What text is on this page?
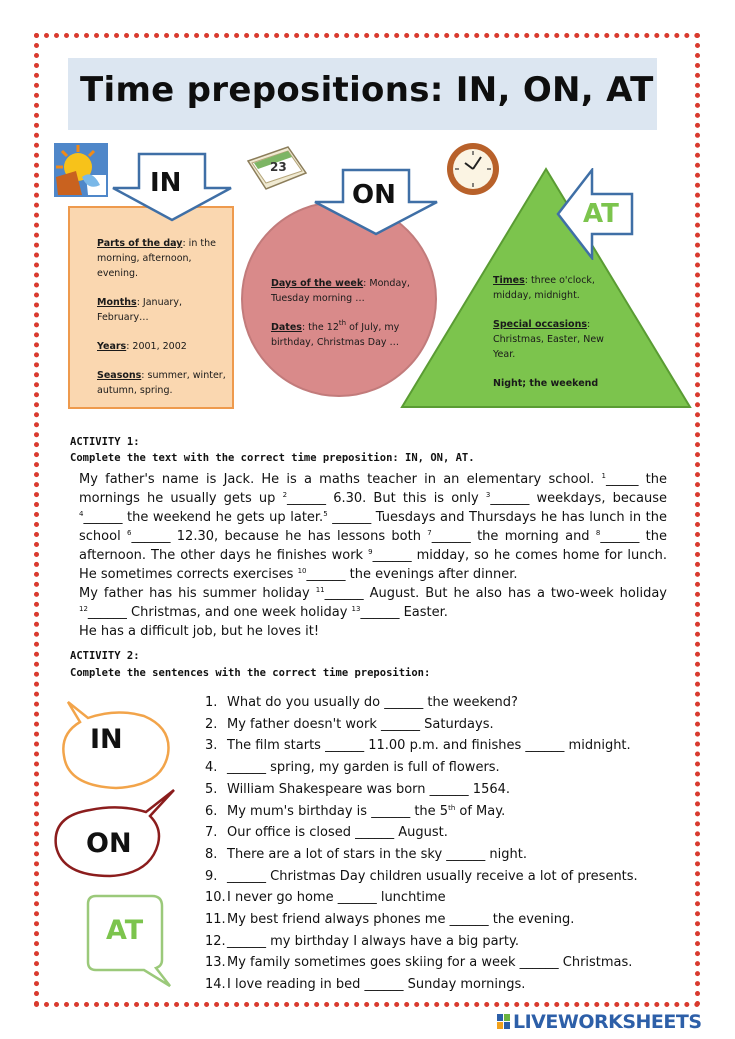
Time prepositions: IN, ON, AT
23

Parts of the day: in the morning, afternoon, evening.

Months: January, February…

Years: 2001, 2002

Seasons: summer, winter, autumn, spring.

IN

Days of the week: Monday, Tuesday morning …

Dates: the 12th of July, my birthday, Christmas Day …

ON

Times: three o'clock, midday, midnight.

Special occasions: Christmas, Easter, New Year.

Night; the weekend

AT
ACTIVITY 1:
Complete the text with the correct time preposition: IN, ON, AT.

My father's name is Jack. He is a maths teacher in an elementary school. $^1$_____ the mornings he usually gets up $^2$______ 6.30. But this is only $^3$______ weekdays, because $^4$______ the weekend he gets up later.$^5$ ______ Tuesdays and Thursdays he has lunch in the school $^6$______ 12.30, because he has lessons both $^7$______ the morning and $^8$______ the afternoon. The other days he finishes work $^9$______ midday, so he comes home for lunch. He sometimes corrects exercises $^{10}$______ the evenings after dinner.

My father has his summer holiday $^{11}$______ August. But he also has a two-week holiday $^{12}$______ Christmas, and one week holiday $^{13}$______ Easter.

He has a difficult job, but he loves it!

ACTIVITY 2:
Complete the sentences with the correct time preposition:
IN
ON
AT
1. What do you usually do ______ the weekend?
2. My father doesn't work ______ Saturdays.
3. The film starts ______ 11.00 p.m. and finishes ______ midnight.
4. ______ spring, my garden is full of flowers.
5. William Shakespeare was born ______ 1564.
6. My mum's birthday is ______ the 5th of May.
7. Our office is closed ______ August.
8. There are a lot of stars in the sky ______ night.
9. ______ Christmas Day children usually receive a lot of presents.
10.I never go home ______ lunchtime
11.My best friend always phones me ______ the evening.
12.______ my birthday I always have a big party.
13.My family sometimes goes skiing for a week ______ Christmas.
14.I love reading in bed ______ Sunday mornings.
LIVEWORKSHEETS
